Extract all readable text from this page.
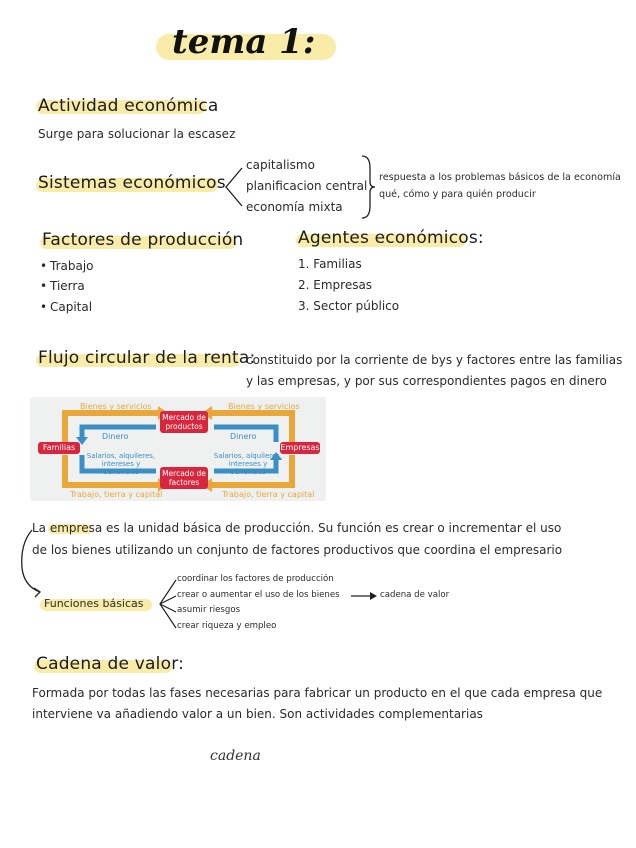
tema 1:
Actividad económica
Surge para solucionar la escasez
Sistemas económicos
capitalismo
planificacion central
economía mixta
respuesta a los problemas básicos de la economía
qué, cómo y para quién producir
Factores de producción
• Trabajo
• Tierra
• Capital
Agentes económicos:
1. Familias
2. Empresas
3. Sector público
Flujo circular de la renta:
constituido por la corriente de bys y factores entre las familias
y las empresas, y por sus correspondientes pagos en dinero
Bienes y servicios	Bienes y servicios
Mercado de productos
Dinero	Dinero
Familias	Empresas
Salarios, alquileres, intereses y beneficios
Salarios, alquileres, intereses y beneficios
Mercado de factores
Trabajo, tierra y capital	Trabajo, tierra y capital
La empresa es la unidad básica de producción. Su función es crear o incrementar el uso
de los bienes utilizando un conjunto de factores productivos que coordina el empresario
Funciones básicas
coordinar los factores de producción
crear o aumentar el uso de los bienes
asumir riesgos
crear riqueza y empleo
cadena de valor
Cadena de valor:
Formada por todas las fases necesarias para fabricar un producto en el que cada empresa que
interviene va añadiendo valor a un bien. Son actividades complementarias
cadena
